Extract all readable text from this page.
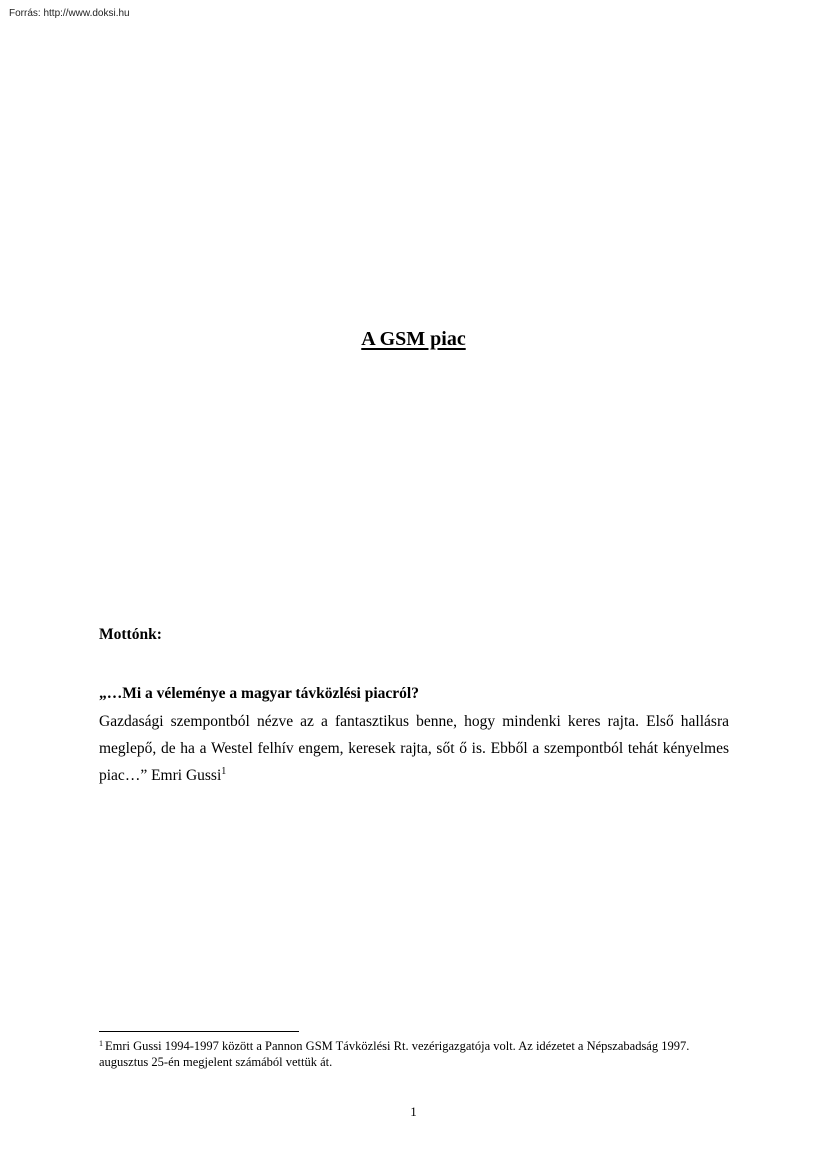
Forrás: http://www.doksi.hu
A GSM piac
Mottónk:
„…Mi a véleménye a magyar távközlési piacról?
Gazdasági szempontból nézve az a fantasztikus benne, hogy mindenki keres rajta. Első hallásra meglepő, de ha a Westel felhív engem, keresek rajta, sőt ő is. Ebből a szempontból tehát kényelmes piac…” Emri Gussi$^1$
$^1$ Emri Gussi 1994-1997 között a Pannon GSM Távközlési Rt. vezérigazgatója volt. Az idézetet a Népszabadság 1997. augusztus 25-én megjelent számából vettük át.
1
